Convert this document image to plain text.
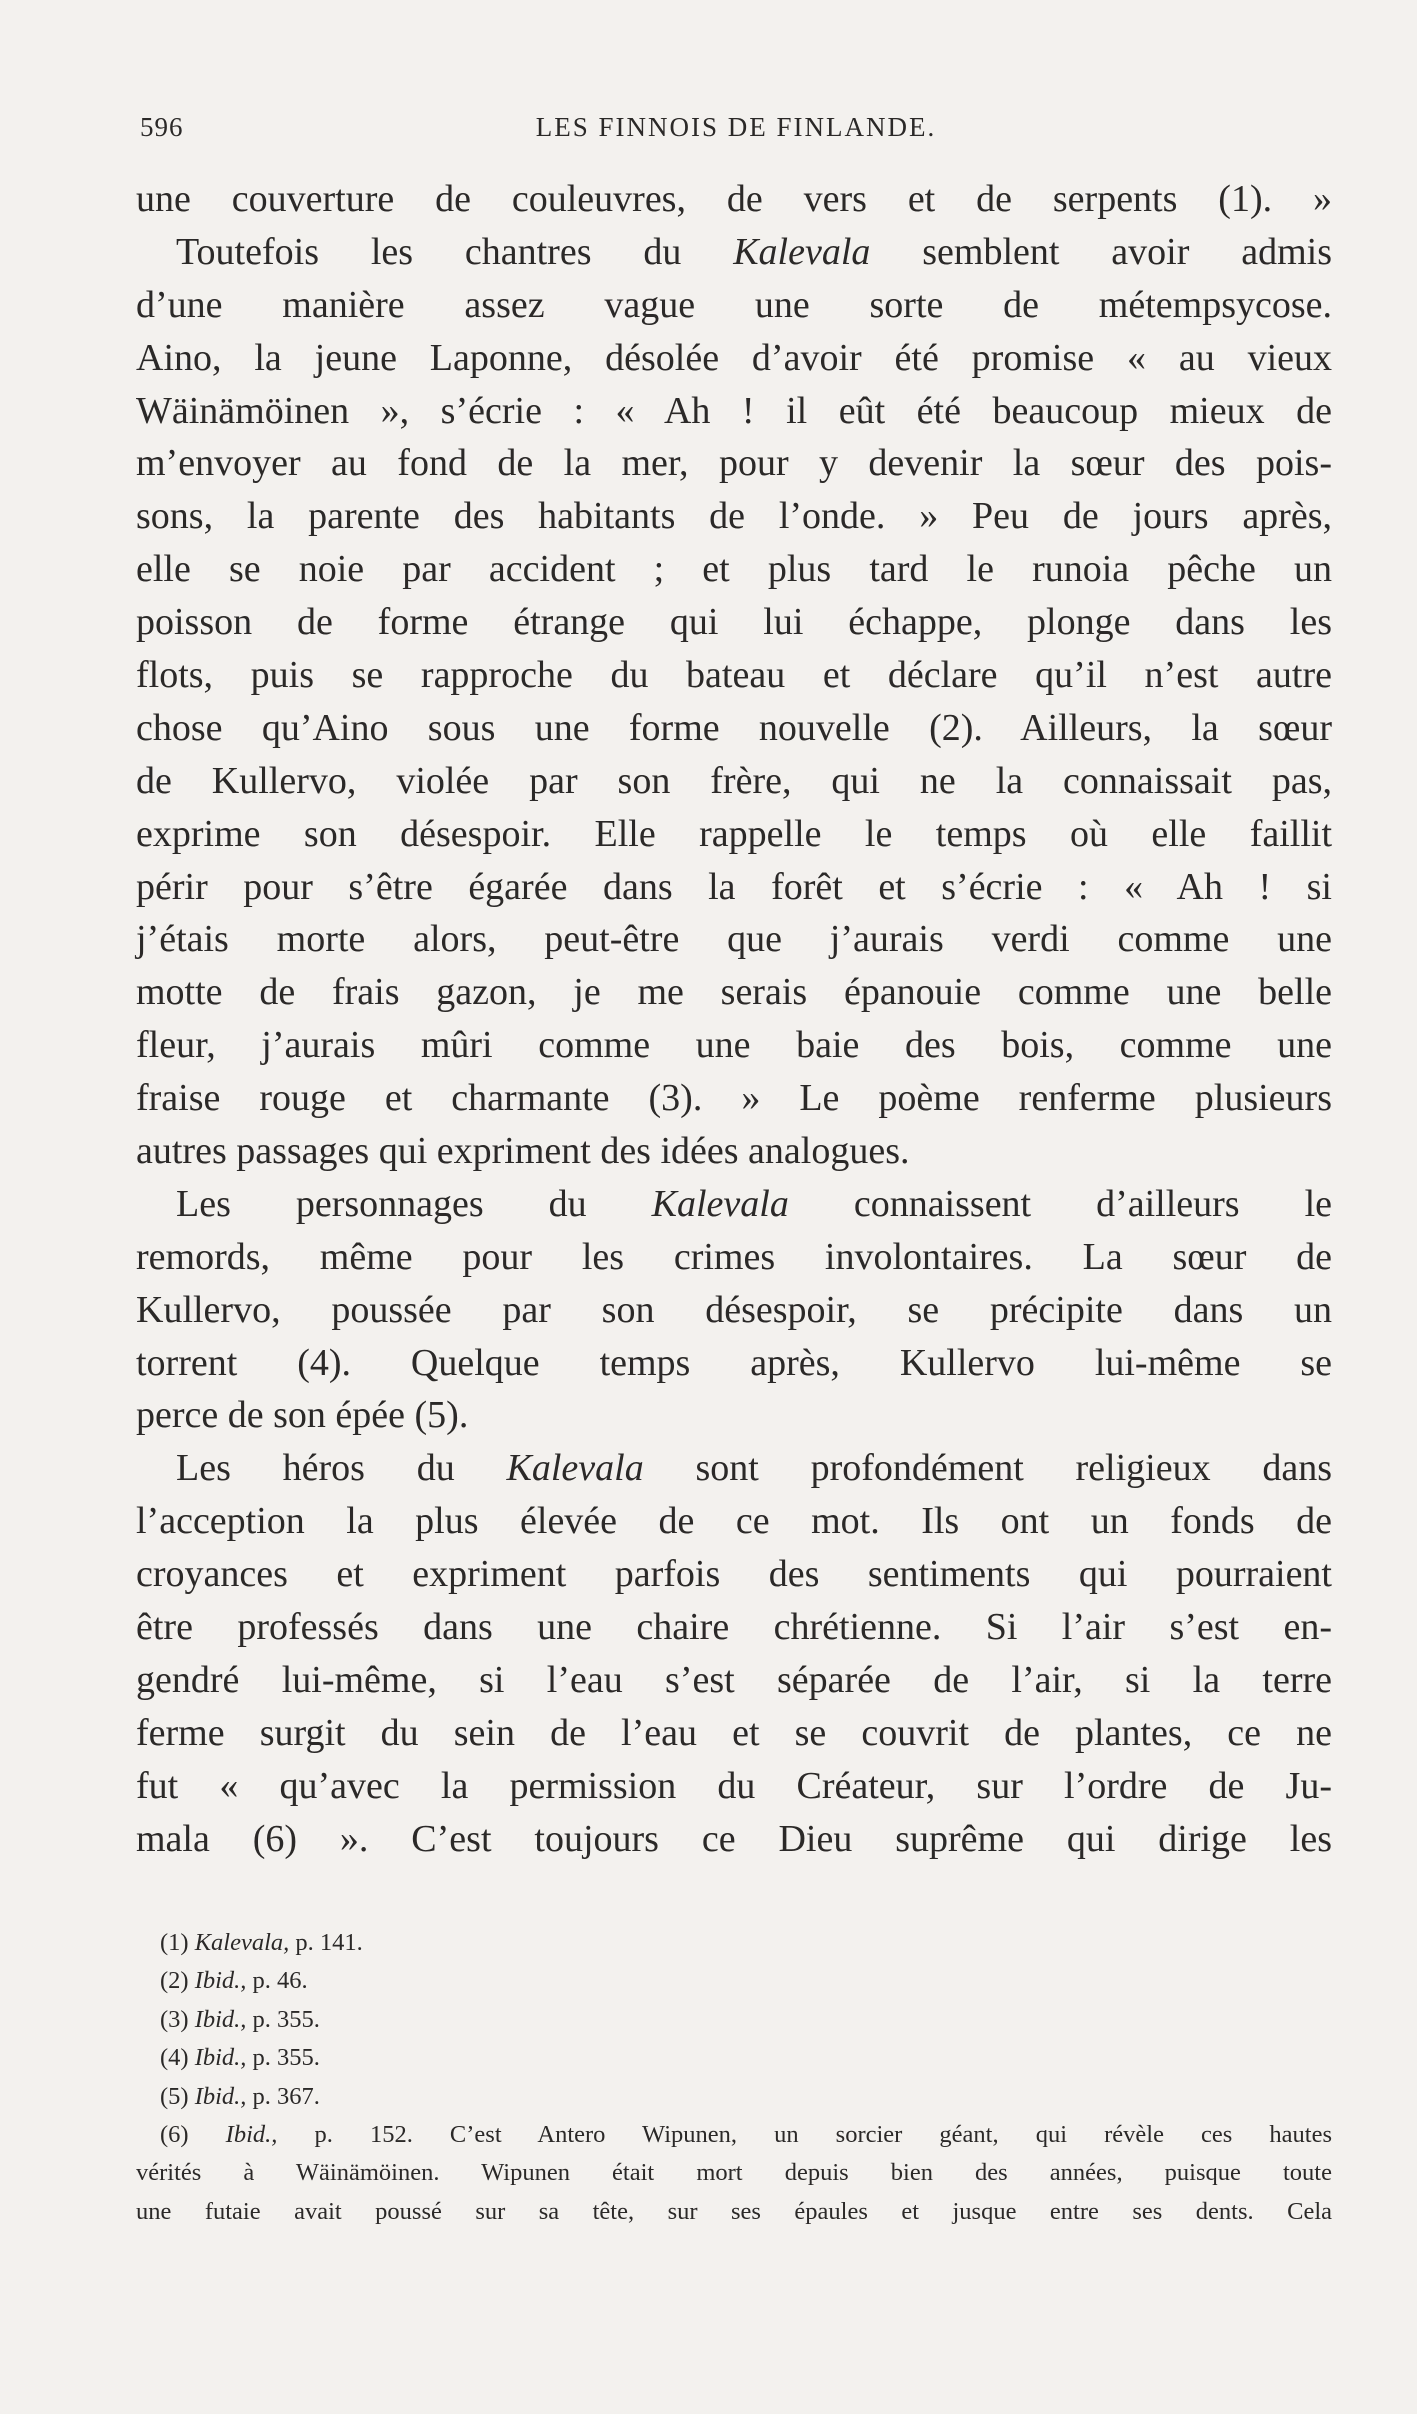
596	LES FINNOIS DE FINLANDE.
une couverture de couleuvres, de vers et de serpents (1). »
Toutefois les chantres du Kalevala semblent avoir admis
d’une manière assez vague une sorte de métempsycose.
Aino, la jeune Laponne, désolée d’avoir été promise « au vieux
Wäinämöinen », s’écrie : « Ah ! il eût été beaucoup mieux de
m’envoyer au fond de la mer, pour y devenir la sœur des pois-
sons, la parente des habitants de l’onde. » Peu de jours après,
elle se noie par accident ; et plus tard le runoia pêche un
poisson de forme étrange qui lui échappe, plonge dans les
flots, puis se rapproche du bateau et déclare qu’il n’est autre
chose qu’Aino sous une forme nouvelle (2). Ailleurs, la sœur
de Kullervo, violée par son frère, qui ne la connaissait pas,
exprime son désespoir. Elle rappelle le temps où elle faillit
périr pour s’être égarée dans la forêt et s’écrie : « Ah ! si
j’étais morte alors, peut-être que j’aurais verdi comme une
motte de frais gazon, je me serais épanouie comme une belle
fleur, j’aurais mûri comme une baie des bois, comme une
fraise rouge et charmante (3). » Le poème renferme plusieurs
autres passages qui expriment des idées analogues.
Les personnages du Kalevala connaissent d’ailleurs le
remords, même pour les crimes involontaires. La sœur de
Kullervo, poussée par son désespoir, se précipite dans un
torrent (4). Quelque temps après, Kullervo lui-même se
perce de son épée (5).
Les héros du Kalevala sont profondément religieux dans
l’acception la plus élevée de ce mot. Ils ont un fonds de
croyances et expriment parfois des sentiments qui pourraient
être professés dans une chaire chrétienne. Si l’air s’est en-
gendré lui-même, si l’eau s’est séparée de l’air, si la terre
ferme surgit du sein de l’eau et se couvrit de plantes, ce ne
fut « qu’avec la permission du Créateur, sur l’ordre de Ju-
mala (6) ». C’est toujours ce Dieu suprême qui dirige les
(1) Kalevala, p. 141.
(2) Ibid., p. 46.
(3) Ibid., p. 355.
(4) Ibid., p. 355.
(5) Ibid., p. 367.
(6) Ibid., p. 152. C’est Antero Wipunen, un sorcier géant, qui révèle ces hautes
vérités à Wäinämöinen. Wipunen était mort depuis bien des années, puisque toute
une futaie avait poussé sur sa tête, sur ses épaules et jusque entre ses dents. Cela
